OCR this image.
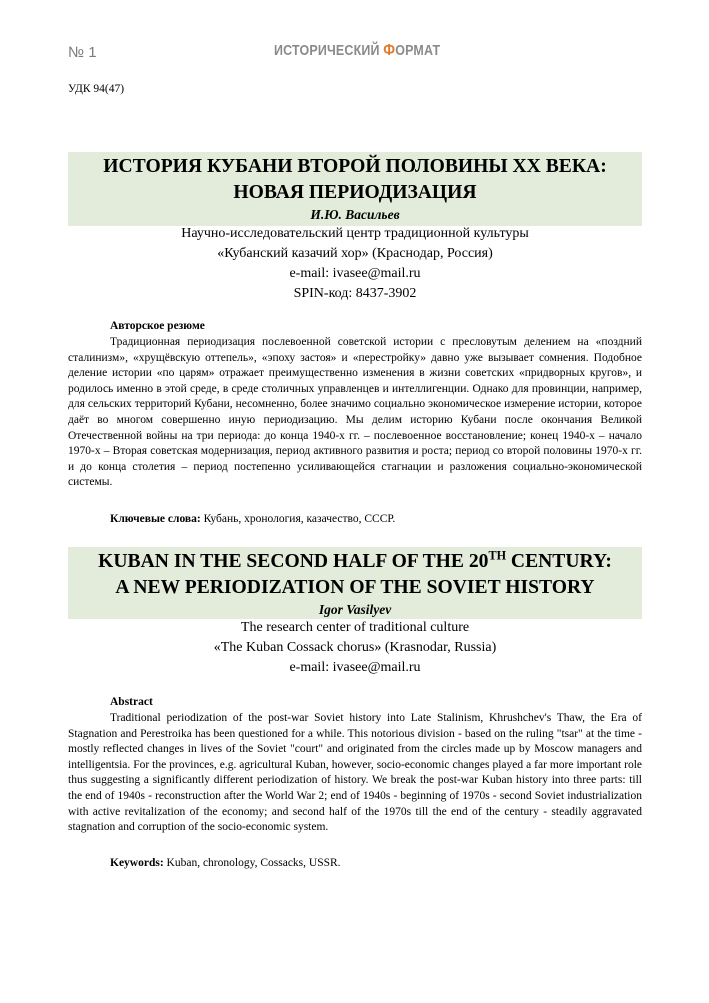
№ 1	ИСТОРИЧЕСКИЙ ФОРМАТ
УДК 94(47)
ИСТОРИЯ КУБАНИ ВТОРОЙ ПОЛОВИНЫ XX ВЕКА:
НОВАЯ ПЕРИОДИЗАЦИЯ
И.Ю. Васильев
Научно-исследовательский центр традиционной культуры
«Кубанский казачий хор» (Краснодар, Россия)
e-mail: ivasee@mail.ru
SPIN-код: 8437-3902
Авторское резюме

Традиционная периодизация послевоенной советской истории с пресловутым делением на «поздний сталинизм», «хрущёвскую оттепель», «эпоху застоя» и «перестройку» давно уже вызывает сомнения. Подобное деление истории «по царям» отражает преимущественно изменения в жизни советских «придворных кругов», и родилось именно в этой среде, в среде столичных управленцев и интеллигенции. Однако для провинции, например, для сельских территорий Кубани, несомненно, более значимо социально экономическое измерение истории, которое даёт во многом совершенно иную периодизацию. Мы делим историю Кубани после окончания Великой Отечественной войны на три периода: до конца 1940-х гг. – послевоенное восстановление; конец 1940-х – начало 1970-х – Вторая советская модернизация, период активного развития и роста; период со второй половины 1970-х гг. и до конца столетия – период постепенно усиливающейся стагнации и разложения социально-экономической системы.

Ключевые слова: Кубань, хронология, казачество, СССР.
KUBAN IN THE SECOND HALF OF THE 20TH CENTURY:
A NEW PERIODIZATION OF THE SOVIET HISTORY
Igor Vasilyev
The research center of traditional culture
«The Kuban Cossack chorus» (Krasnodar, Russia)
e-mail: ivasee@mail.ru
Abstract

Traditional periodization of the post-war Soviet history into Late Stalinism, Khrushchev's Thaw, the Era of Stagnation and Perestroika has been questioned for a while. This notorious division - based on the ruling "tsar" at the time - mostly reflected changes in lives of the Soviet "court" and originated from the circles made up by Moscow managers and intelligentsia. For the provinces, e.g. agricultural Kuban, however, socio-economic changes played a far more important role thus suggesting a significantly different periodization of history. We break the post-war Kuban history into three parts: till the end of 1940s - reconstruction after the World War 2; end of 1940s - beginning of 1970s - second Soviet industrialization with active revitalization of the economy; and second half of the 1970s till the end of the century - steadily aggravated stagnation and corruption of the socio-economic system.

Keywords: Kuban, chronology, Cossacks, USSR.
